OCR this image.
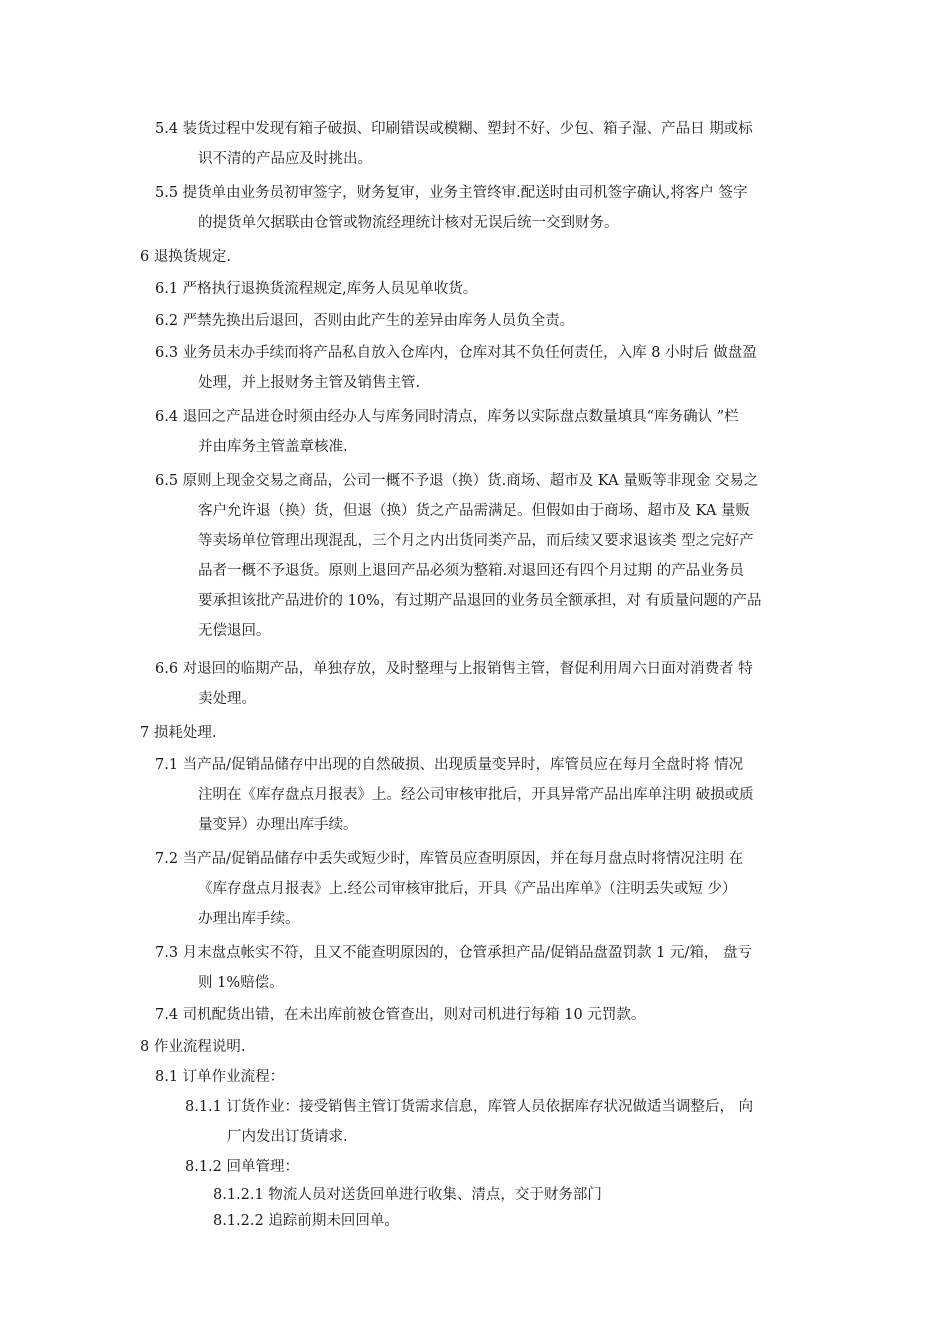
5.4 装货过程中发现有箱子破损、印刷错误或模糊、塑封不好、少包、箱子湿、产品日 期或标
识不清的产品应及时挑出。
5.5 提货单由业务员初审签字，财务复审，业务主管终审.配送时由司机签字确认,将客户 签字
的提货单欠据联由仓管或物流经理统计核对无误后统一交到财务。
6 退换货规定.
6.1 严格执行退换货流程规定,库务人员见单收货。
6.2 严禁先换出后退回，否则由此产生的差异由库务人员负全责。
6.3 业务员未办手续而将产品私自放入仓库内，仓库对其不负任何责任，入库 8 小时后 做盘盈
处理，并上报财务主管及销售主管.
6.4 退回之产品进仓时须由经办人与库务同时清点，库务以实际盘点数量填具“库务确认 ”栏
并由库务主管盖章核准.
6.5 原则上现金交易之商品，公司一概不予退（换）货.商场、超市及 KA 量贩等非现金 交易之
客户允许退（换）货，但退（换）货之产品需满足。但假如由于商场、超市及 KA 量贩
等卖场单位管理出现混乱，三个月之内出货同类产品，而后续又要求退该类 型之完好产
品者一概不予退货。原则上退回产品必须为整箱.对退回还有四个月过期 的产品业务员
要承担该批产品进价的 10%，有过期产品退回的业务员全额承担，对 有质量问题的产品
无偿退回。
6.6 对退回的临期产品，单独存放，及时整理与上报销售主管，督促利用周六日面对消费者 特
卖处理。
7 损耗处理.
7.1 当产品/促销品储存中出现的自然破损、出现质量变异时，库管员应在每月全盘时将 情况
注明在《库存盘点月报表》上。经公司审核审批后，开具异常产品出库单注明 破损或质
量变异）办理出库手续。
7.2 当产品/促销品储存中丢失或短少时，库管员应查明原因，并在每月盘点时将情况注明 在
《库存盘点月报表》上.经公司审核审批后，开具《产品出库单》（注明丢失或短 少）
办理出库手续。
7.3 月末盘点帐实不符，且又不能查明原因的，仓管承担产品/促销品盘盈罚款 1 元/箱， 盘亏
则 1%赔偿。
7.4 司机配货出错，在未出库前被仓管查出，则对司机进行每箱 10 元罚款。
8 作业流程说明.
8.1 订单作业流程：
8.1.1 订货作业：接受销售主管订货需求信息，库管人员依据库存状况做适当调整后， 向
厂内发出订货请求.
8.1.2 回单管理：
8.1.2.1 物流人员对送货回单进行收集、清点，交于财务部门
8.1.2.2 追踪前期未回回单。
